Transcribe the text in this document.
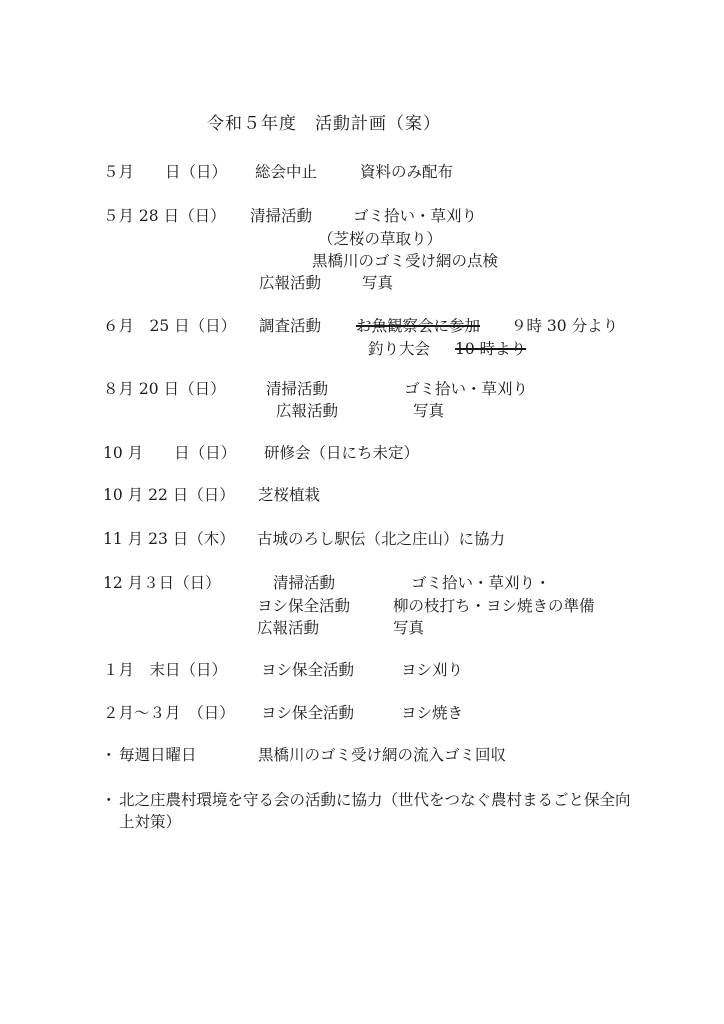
令和５年度　活動計画（案）
５月　　日（日） 総会中止	資料のみ配布
５月 28 日（日） 清掃活動	ゴミ拾い・草刈り
（芝桜の草取り）
黒橋川のゴミ受け網の点検
広報活動	写真
６月　25 日（日） 調査活動 お魚観察会に参加 ９時 30 分より
釣り大会 10 時より
８月 20 日（日）	清掃活動	ゴミ拾い・草刈り
広報活動	写真
10 月　　日（日） 研修会（日にち未定）
10 月 22 日（日） 芝桜植栽
11 月 23 日（木） 古城のろし駅伝（北之庄山）に協力
12 月３日（日）	清掃活動	ゴミ拾い・草刈り・
ヨシ保全活動	柳の枝打ち・ヨシ焼きの準備
広報活動	写真
１月　末日（日） ヨシ保全活動	ヨシ刈り
２月～３月　（日） ヨシ保全活動	ヨシ焼き
・ 毎週日曜日	黒橋川のゴミ受け網の流入ゴミ回収
・ 北之庄農村環境を守る会の活動に協力（世代をつなぐ農村まるごと保全向上対策）
